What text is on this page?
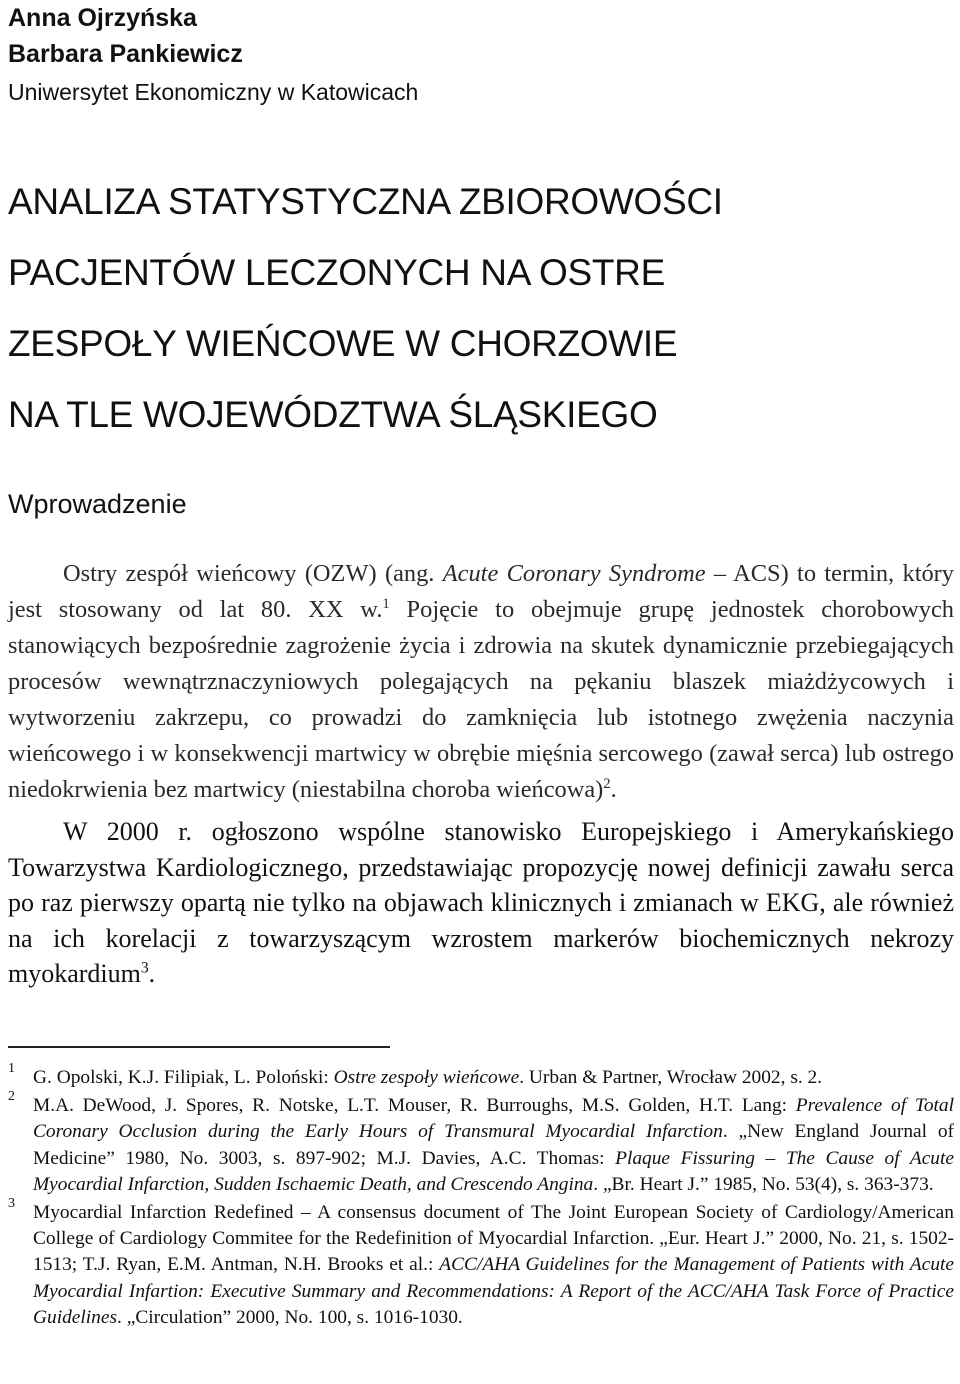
Anna Ojrzyńska
Barbara Pankiewicz
Uniwersytet Ekonomiczny w Katowicach
ANALIZA STATYSTYCZNA ZBIOROWOŚCI
PACJENTÓW LECZONYCH NA OSTRE
ZESPOŁY WIEŃCOWE W CHORZOWIE
NA TLE WOJEWÓDZTWA ŚLĄSKIEGO
Wprowadzenie

Ostry zespół wieńcowy (OZW) (ang. Acute Coronary Syndrome – ACS) to termin, który jest stosowany od lat 80. XX w.$^1$ Pojęcie to obejmuje grupę jednostek chorobowych stanowiących bezpośrednie zagrożenie życia i zdrowia na skutek dynamicznie przebiegających procesów wewnątrznaczyniowych polegających na pękaniu blaszek miażdżycowych i wytworzeniu zakrzepu, co prowadzi do zamknięcia lub istotnego zwężenia naczynia wieńcowego i w konsekwencji martwicy w obrębie mięśnia sercowego (zawał serca) lub ostrego niedokrwienia bez martwicy (niestabilna choroba wieńcowa)$^2$.

W 2000 r. ogłoszono wspólne stanowisko Europejskiego i Amerykańskiego Towarzystwa Kardiologicznego, przedstawiając propozycję nowej definicji zawału serca po raz pierwszy opartą nie tylko na objawach klinicznych i zmianach w EKG, ale również na ich korelacji z towarzyszącym wzrostem markerów biochemicznych nekrozy myokardium$^3$.

1 G. Opolski, K.J. Filipiak, L. Poloński: Ostre zespoły wieńcowe. Urban & Partner, Wrocław 2002, s. 2.
2 M.A. DeWood, J. Spores, R. Notske, L.T. Mouser, R. Burroughs, M.S. Golden, H.T. Lang: Prevalence of Total Coronary Occlusion during the Early Hours of Transmural Myocardial Infarction. „New England Journal of Medicine” 1980, No. 3003, s. 897-902; M.J. Davies, A.C. Thomas: Plaque Fissuring – The Cause of Acute Myocardial Infarction, Sudden Ischaemic Death, and Crescendo Angina. „Br. Heart J.” 1985, No. 53(4), s. 363-373.
3 Myocardial Infarction Redefined – A consensus document of The Joint European Society of Cardiology/American College of Cardiology Commitee for the Redefinition of Myocardial Infarction. „Eur. Heart J.” 2000, No. 21, s. 1502-1513; T.J. Ryan, E.M. Antman, N.H. Brooks et al.: ACC/AHA Guidelines for the Management of Patients with Acute Myocardial Infartion: Executive Summary and Recommendations: A Report of the ACC/AHA Task Force of Practice Guidelines. „Circulation” 2000, No. 100, s. 1016-1030.
